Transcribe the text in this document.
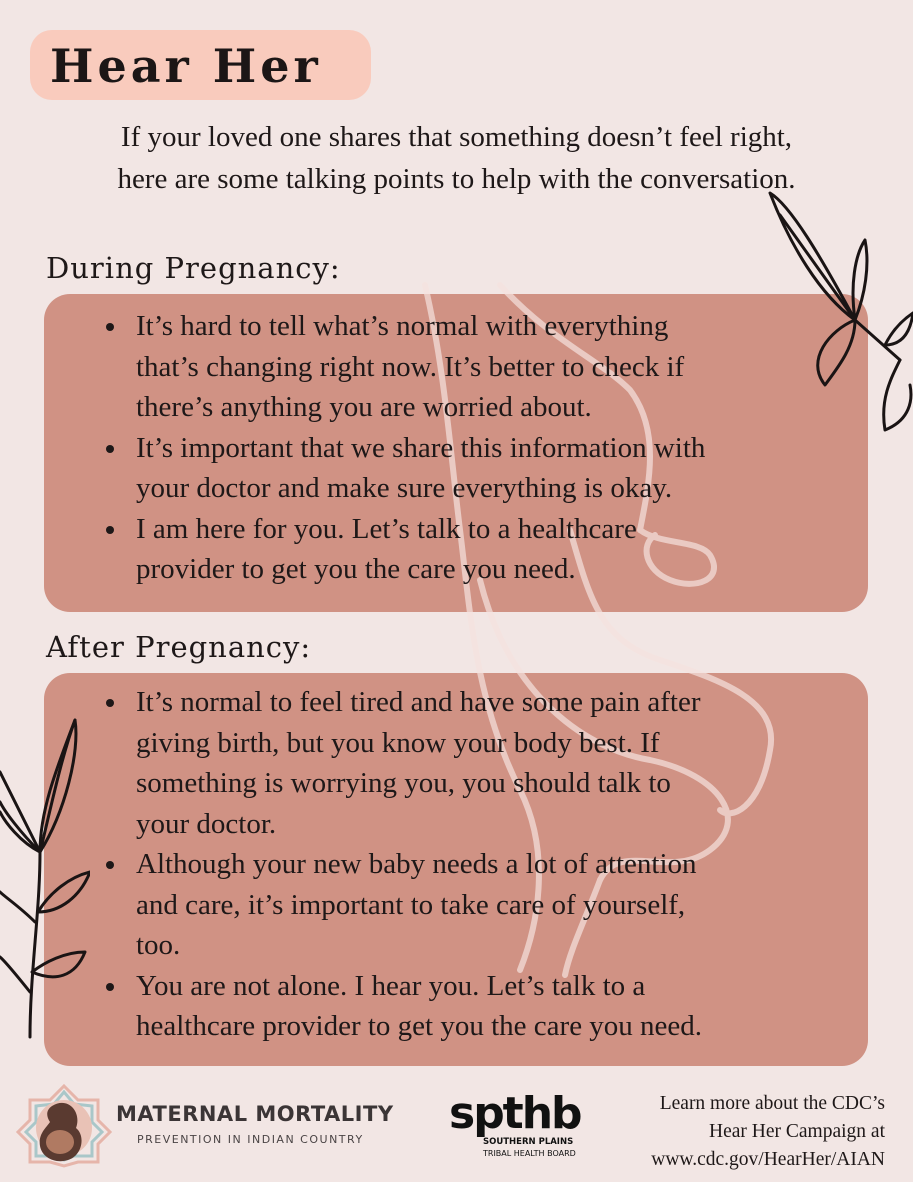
Hear Her
If your loved one shares that something doesn’t feel right,
here are some talking points to help with the conversation.
During Pregnancy:
After Pregnancy:
It’s hard to tell what’s normal with everything
that’s changing right now. It’s better to check if
there’s anything you are worried about.
It’s important that we share this information with
your doctor and make sure everything is okay.
I am here for you. Let’s talk to a healthcare
provider to get you the care you need.
It’s normal to feel tired and have some pain after
giving birth, but you know your body best. If
something is worrying you, you should talk to
your doctor.
Although your new baby needs a lot of attention
and care, it’s important to take care of yourself,
too.
You are not alone. I hear you. Let’s talk to a
healthcare provider to get you the care you need.
MATERNAL MORTALITY
PREVENTION IN INDIAN COUNTRY
spthb
SOUTHERN PLAINS
TRIBAL HEALTH BOARD
Learn more about the CDC’s
Hear Her Campaign at
www.cdc.gov/HearHer/AIAN
